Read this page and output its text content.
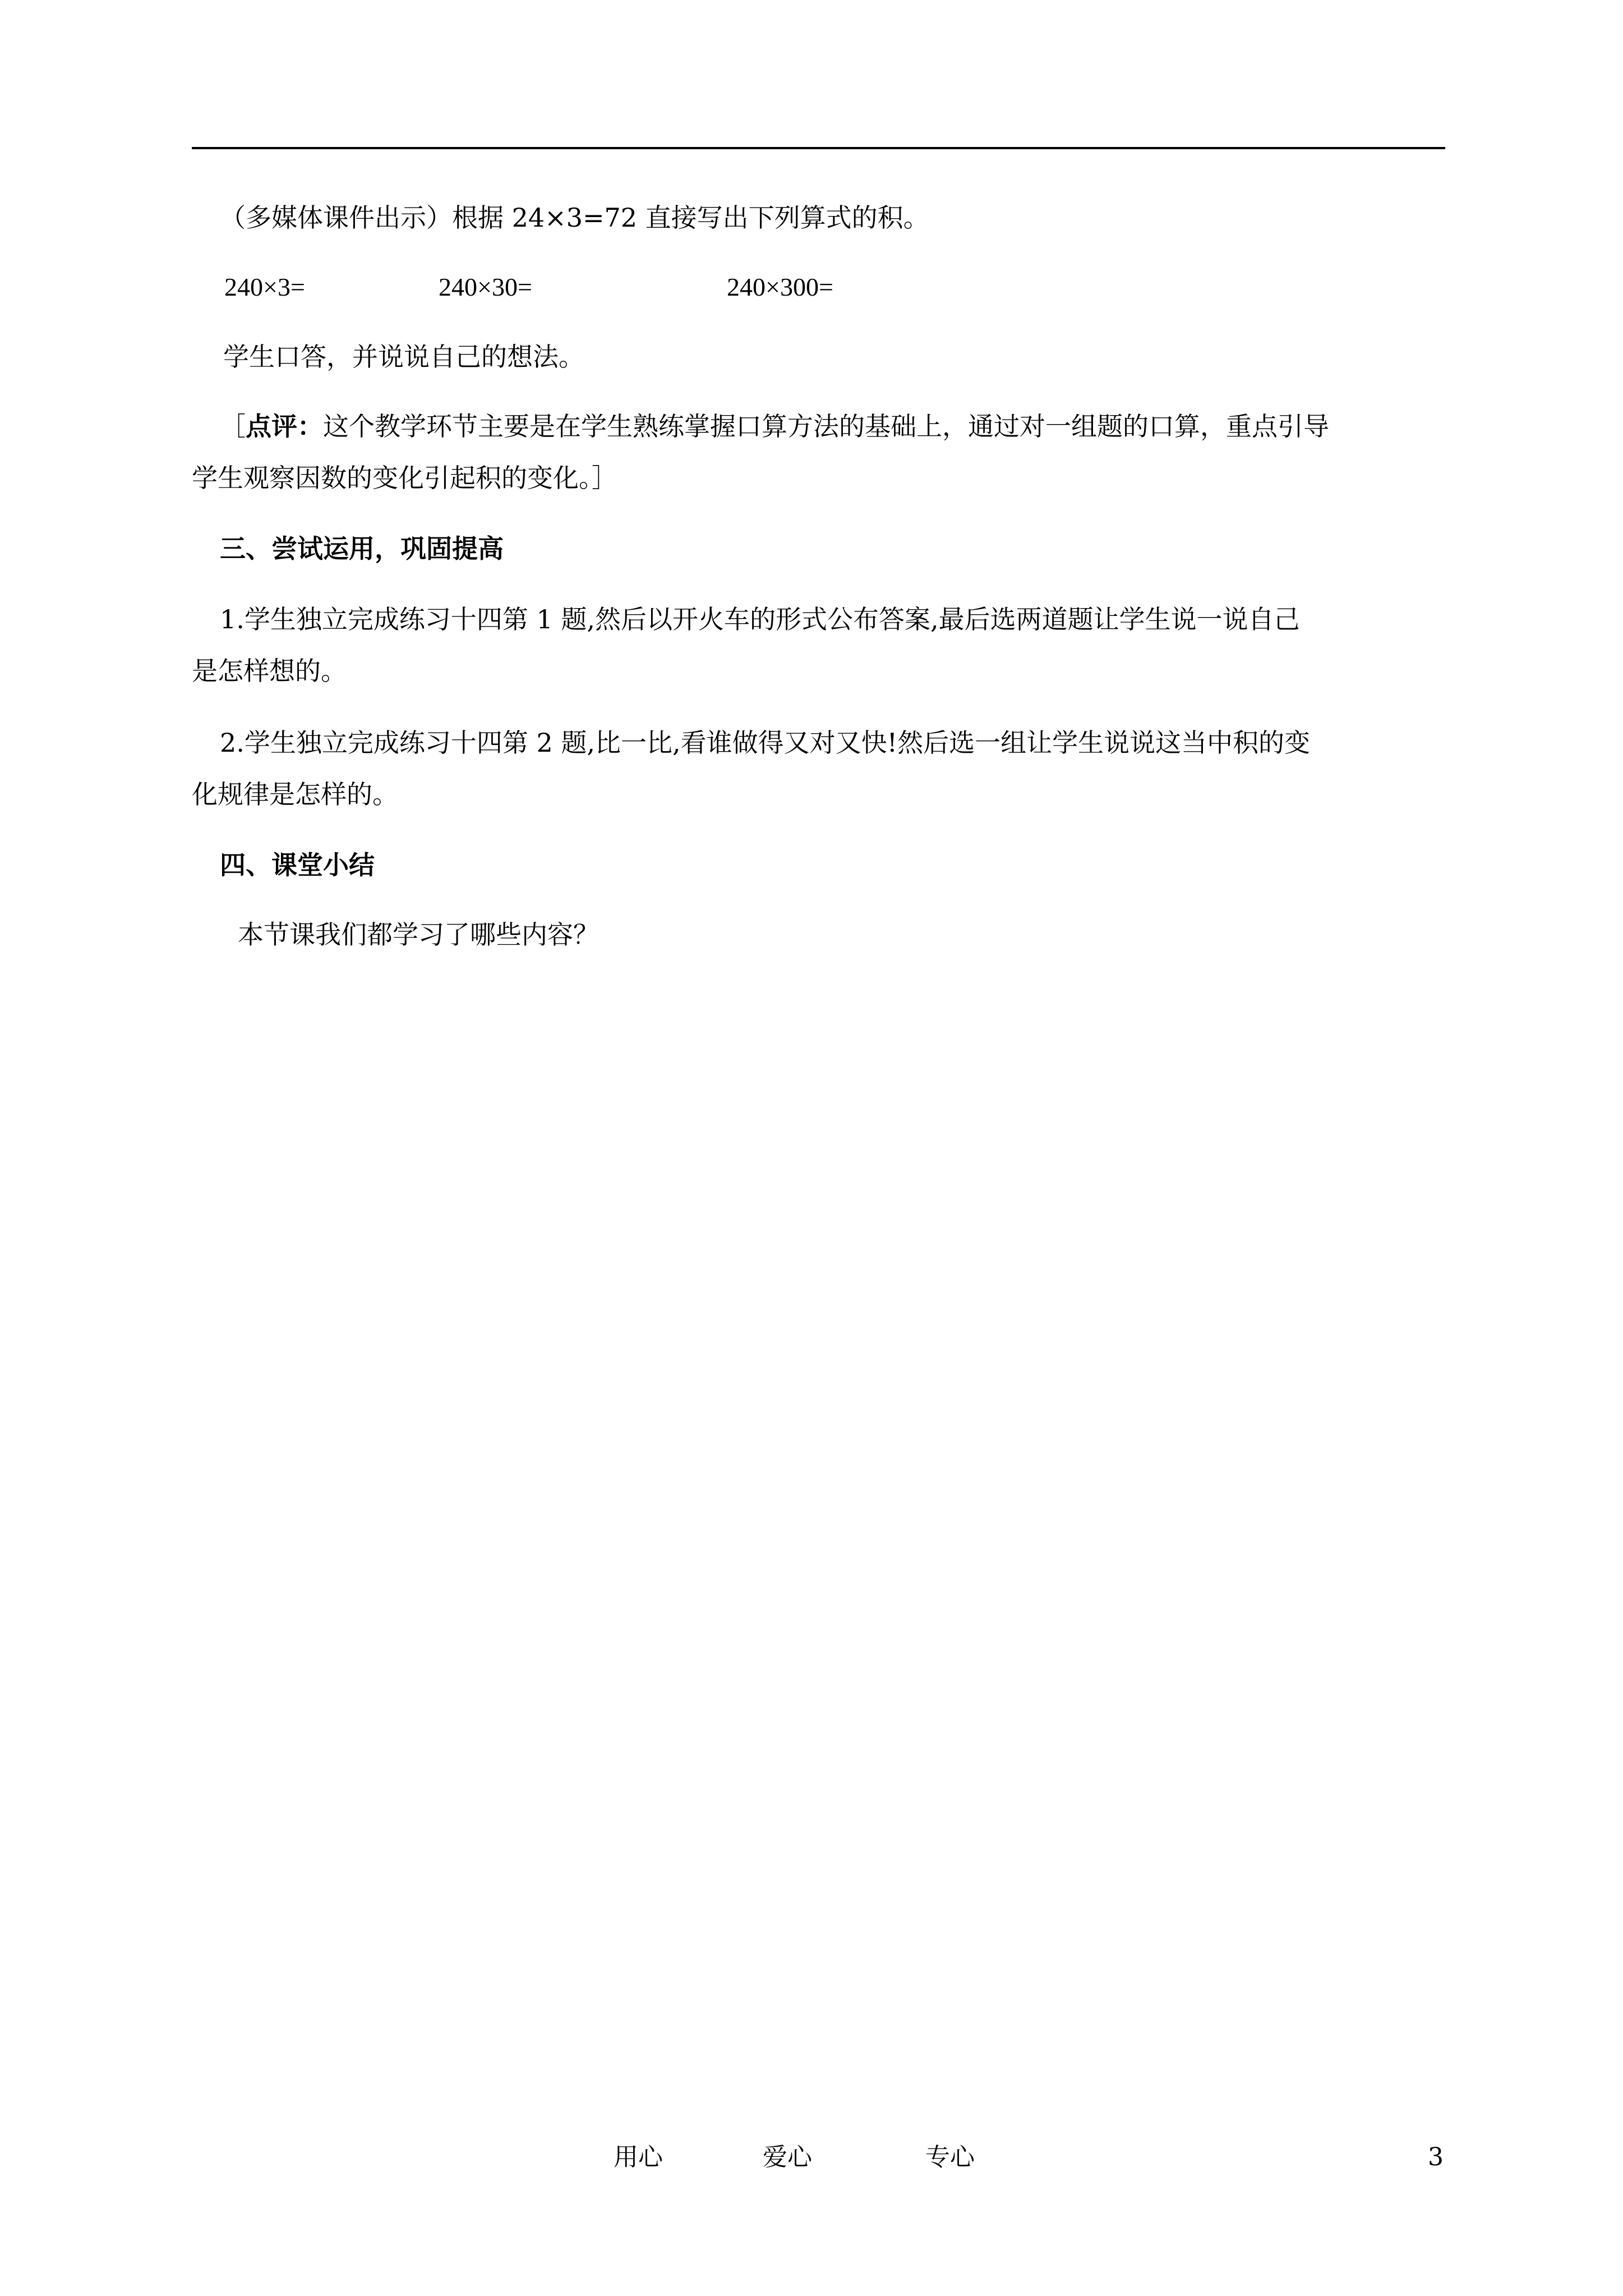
（多媒体课件出示）根据 24×3=72 直接写出下列算式的积。
240×3=	240×30=	240×300=
学生口答，并说说自己的想法。
［点评：这个教学环节主要是在学生熟练掌握口算方法的基础上，通过对一组题的口算，重点引导
学生观察因数的变化引起积的变化。］
三、尝试运用，巩固提高
1.学生独立完成练习十四第 1 题,然后以开火车的形式公布答案,最后选两道题让学生说一说自己
是怎样想的。
2.学生独立完成练习十四第 2 题,比一比,看谁做得又对又快!然后选一组让学生说说这当中积的变
化规律是怎样的。
四、课堂小结
本节课我们都学习了哪些内容？
用心	爱心	专心	3
